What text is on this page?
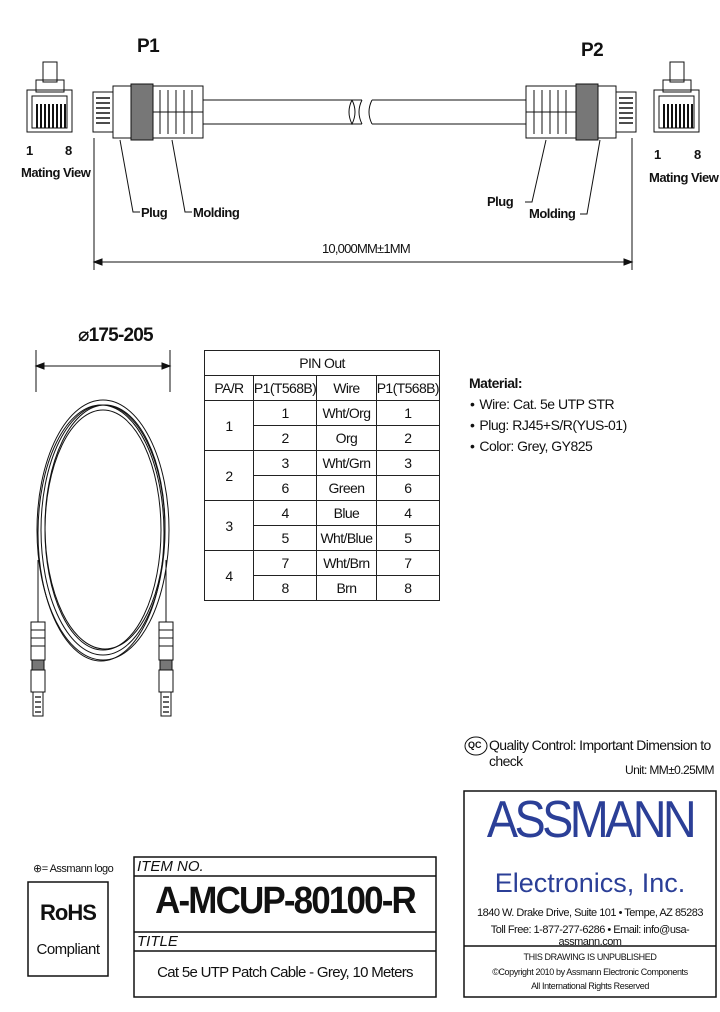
P1	P2
1 8
Mating View
1	8
Mating View
Plug Molding
Plug
Molding
10,000MM±1MM
⌀175-205
PIN Out			
PA/R	P1(T568B)	Wire	P1(T568B)
1	1	Wht/Org	1
	2	Org	2
2	3	Wht/Grn	3
	6	Green	6
3	4	Blue	4
	5	Wht/Blue	5
4	7	Wht/Brn	7
	8	Brn	8
Material:
• Wire: Cat. 5e UTP STR
• Plug: RJ45+S/R(YUS-01)
• Color: Grey, GY825
QC Quality Control: Important Dimension to check
Unit: MM±0.25MM
⊕= Assmann logo
RoHS
Compliant
ITEM NO.
A-MCUP-80100-R
TITLE
Cat 5e UTP Patch Cable - Grey, 10 Meters
ASSMANN
Electronics, Inc.
1840 W. Drake Drive, Suite 101 • Tempe, AZ 85283
Toll Free: 1-877-277-6286 • Email: info@usa-assmann.com
THIS DRAWING IS UNPUBLISHED
©Copyright 2010 by Assmann Electronic Components
All International Rights Reserved
